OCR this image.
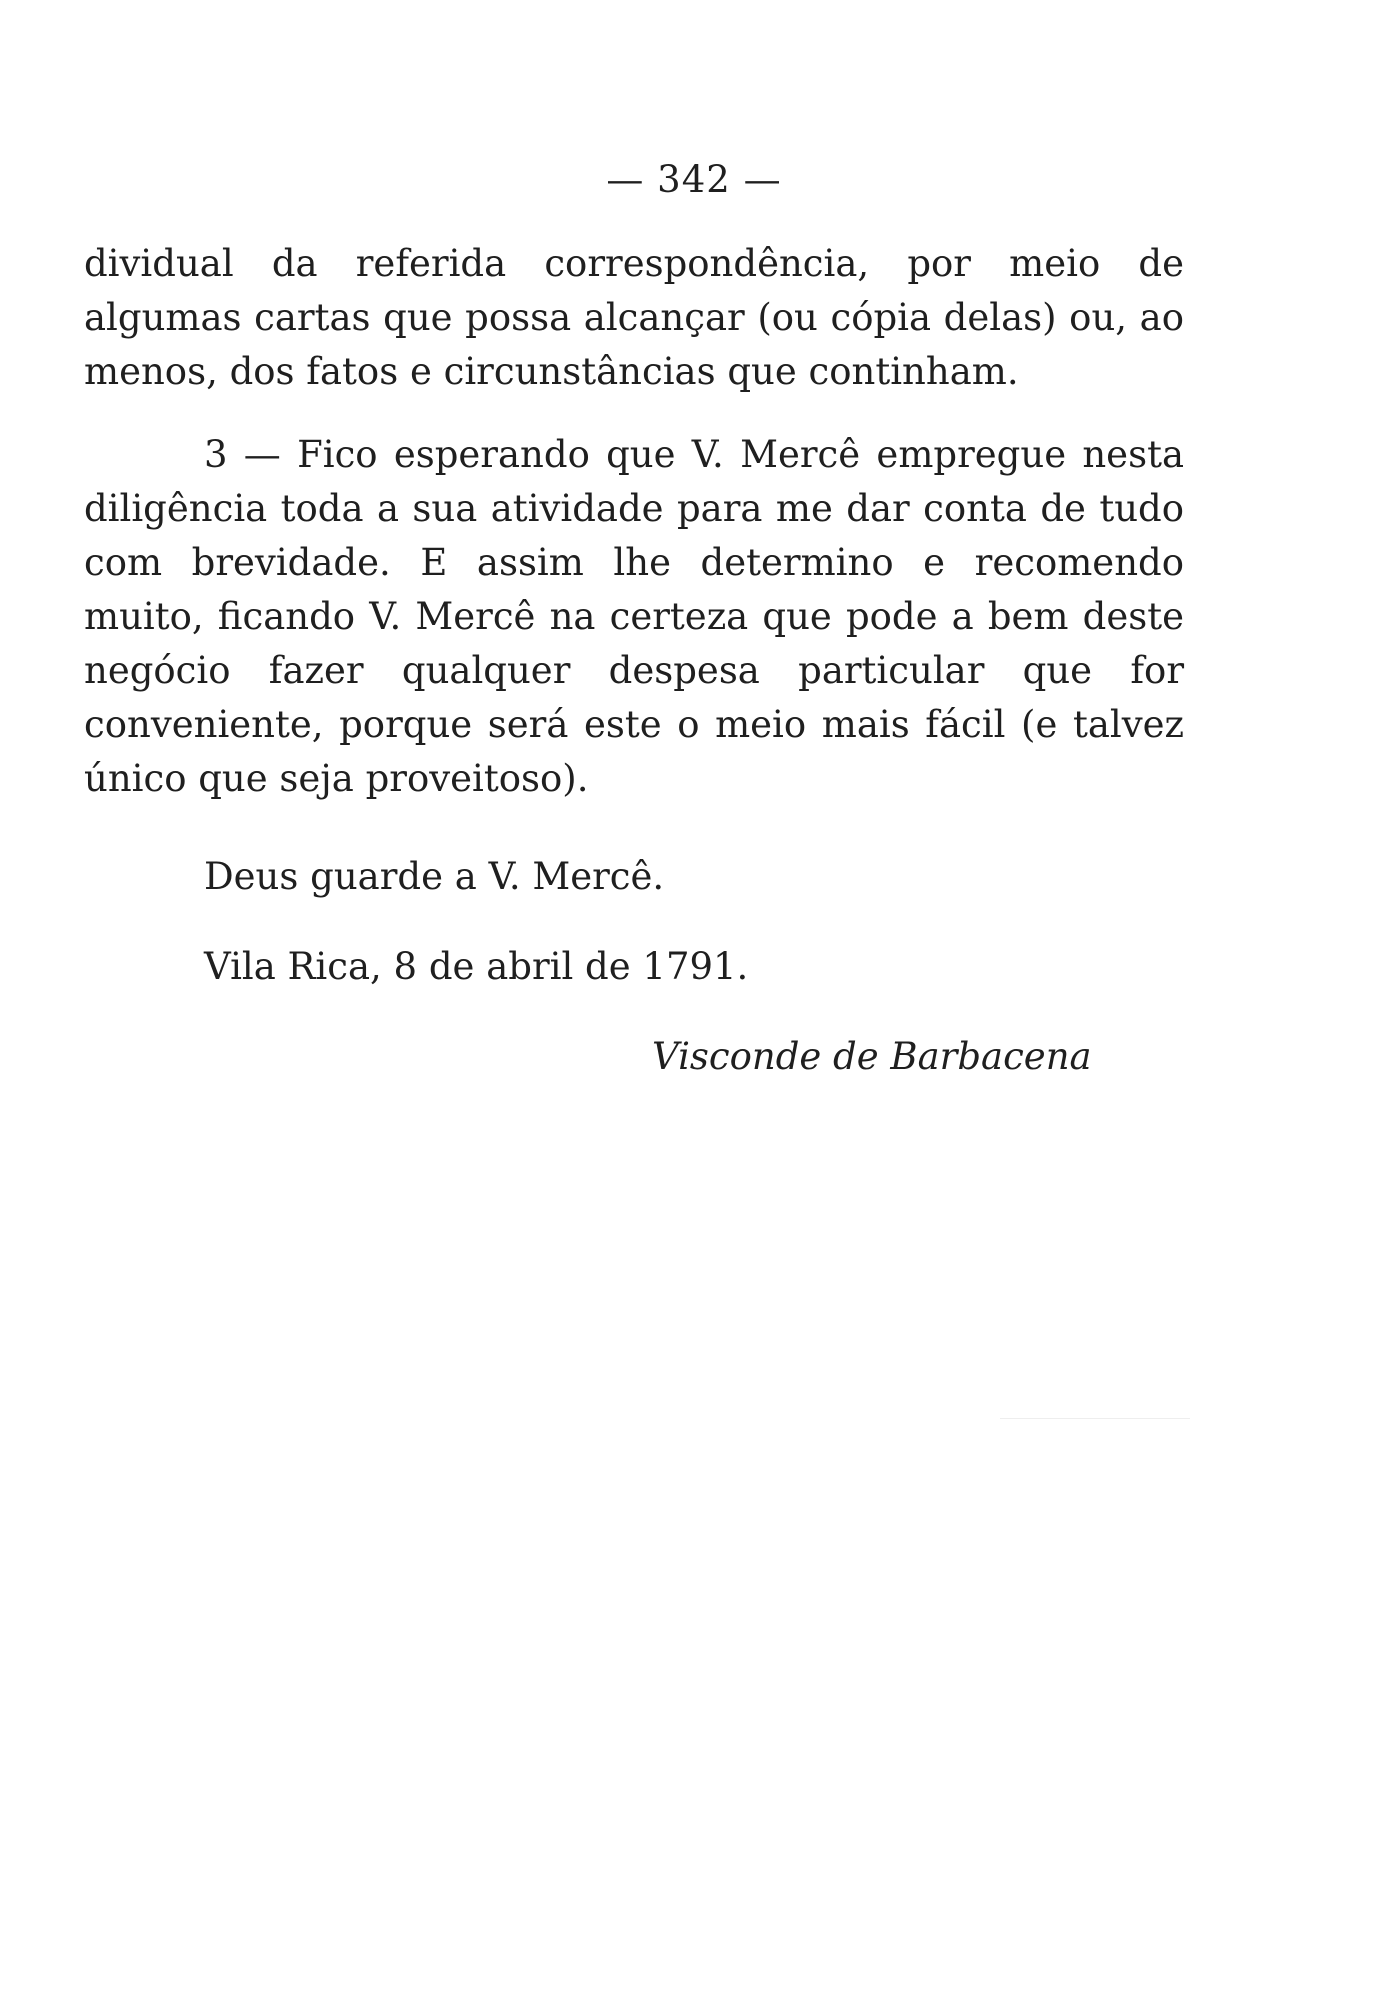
— 342 —

dividual da referida correspondência, por meio de algumas cartas que possa alcançar (ou cópia delas) ou, ao menos, dos fatos e circunstâncias que continham.

3 — Fico esperando que V. Mercê empregue nesta diligência toda a sua atividade para me dar conta de tudo com brevidade. E assim lhe determino e recomendo muito, ficando V. Mercê na certeza que pode a bem deste negócio fazer qualquer despesa particular que for conveniente, porque será este o meio mais fácil (e talvez único que seja proveitoso).

Deus guarde a V. Mercê.

Vila Rica, 8 de abril de 1791.

Visconde de Barbacena
